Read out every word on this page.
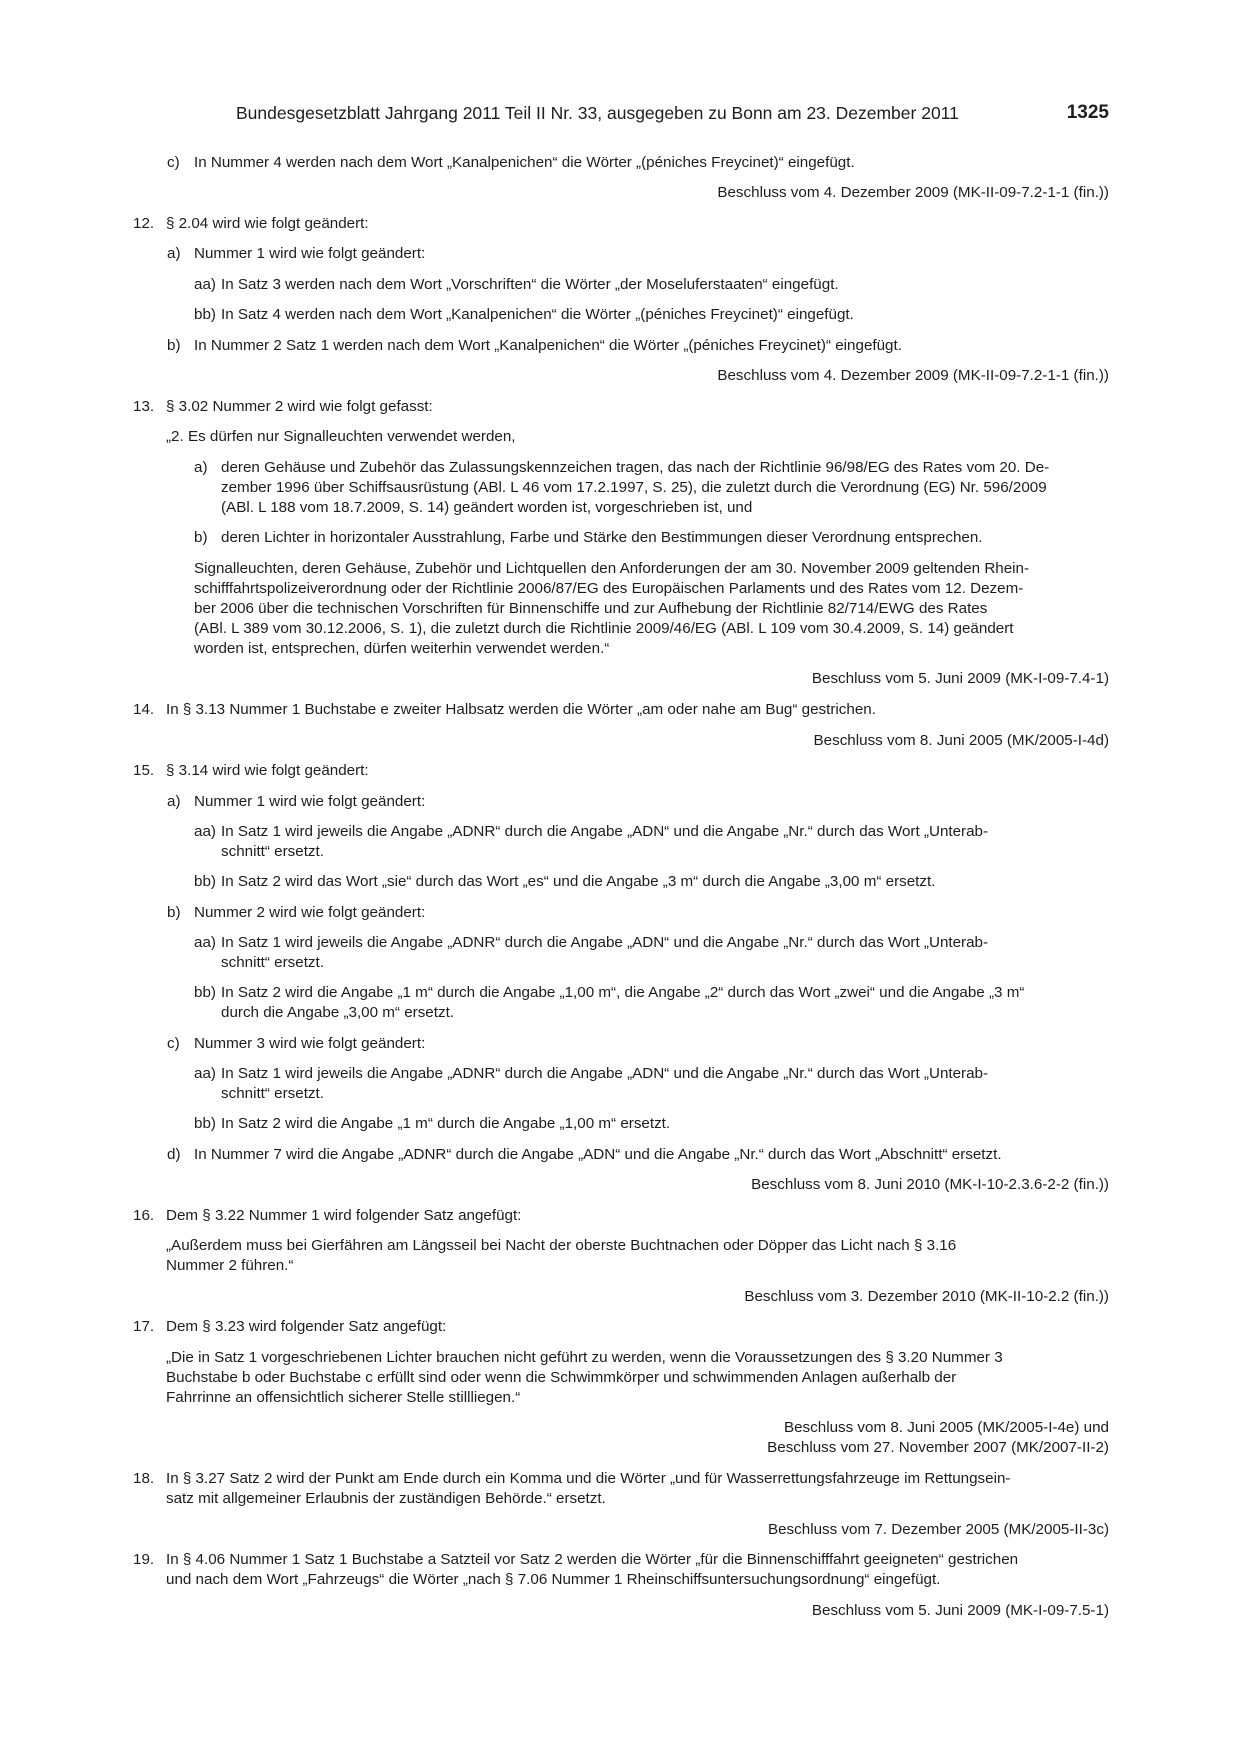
Bundesgesetzblatt Jahrgang 2011 Teil II Nr. 33, ausgegeben zu Bonn am 23. Dezember 2011	1325
c) In Nummer 4 werden nach dem Wort „Kanalpenichen“ die Wörter „(péniches Freycinet)“ eingefügt.
Beschluss vom 4. Dezember 2009 (MK-II-09-7.2-1-1 (fin.))
12. § 2.04 wird wie folgt geändert:
a) Nummer 1 wird wie folgt geändert:
aa) In Satz 3 werden nach dem Wort „Vorschriften“ die Wörter „der Moseluferstaaten“ eingefügt.
bb) In Satz 4 werden nach dem Wort „Kanalpenichen“ die Wörter „(péniches Freycinet)“ eingefügt.
b) In Nummer 2 Satz 1 werden nach dem Wort „Kanalpenichen“ die Wörter „(péniches Freycinet)“ eingefügt.
Beschluss vom 4. Dezember 2009 (MK-II-09-7.2-1-1 (fin.))
13. § 3.02 Nummer 2 wird wie folgt gefasst:
„2. Es dürfen nur Signalleuchten verwendet werden,
a) deren Gehäuse und Zubehör das Zulassungskennzeichen tragen, das nach der Richtlinie 96/98/EG des Rates vom 20. De-
zember 1996 über Schiffsausrüstung (ABl. L 46 vom 17.2.1997, S. 25), die zuletzt durch die Verordnung (EG) Nr. 596/2009
(ABl. L 188 vom 18.7.2009, S. 14) geändert worden ist, vorgeschrieben ist, und
b) deren Lichter in horizontaler Ausstrahlung, Farbe und Stärke den Bestimmungen dieser Verordnung entsprechen.
Signalleuchten, deren Gehäuse, Zubehör und Lichtquellen den Anforderungen der am 30. November 2009 geltenden Rhein-
schifffahrtspolizeiverordnung oder der Richtlinie 2006/87/EG des Europäischen Parlaments und des Rates vom 12. Dezem-
ber 2006 über die technischen Vorschriften für Binnenschiffe und zur Aufhebung der Richtlinie 82/714/EWG des Rates
(ABl. L 389 vom 30.12.2006, S. 1), die zuletzt durch die Richtlinie 2009/46/EG (ABl. L 109 vom 30.4.2009, S. 14) geändert
worden ist, entsprechen, dürfen weiterhin verwendet werden.“
Beschluss vom 5. Juni 2009 (MK-I-09-7.4-1)
14. In § 3.13 Nummer 1 Buchstabe e zweiter Halbsatz werden die Wörter „am oder nahe am Bug“ gestrichen.
Beschluss vom 8. Juni 2005 (MK/2005-I-4d)
15. § 3.14 wird wie folgt geändert:
a) Nummer 1 wird wie folgt geändert:
aa) In Satz 1 wird jeweils die Angabe „ADNR“ durch die Angabe „ADN“ und die Angabe „Nr.“ durch das Wort „Unterab-
schnitt“ ersetzt.
bb) In Satz 2 wird das Wort „sie“ durch das Wort „es“ und die Angabe „3 m“ durch die Angabe „3,00 m“ ersetzt.
b) Nummer 2 wird wie folgt geändert:
aa) In Satz 1 wird jeweils die Angabe „ADNR“ durch die Angabe „ADN“ und die Angabe „Nr.“ durch das Wort „Unterab-
schnitt“ ersetzt.
bb) In Satz 2 wird die Angabe „1 m“ durch die Angabe „1,00 m“, die Angabe „2“ durch das Wort „zwei“ und die Angabe „3 m“
durch die Angabe „3,00 m“ ersetzt.
c) Nummer 3 wird wie folgt geändert:
aa) In Satz 1 wird jeweils die Angabe „ADNR“ durch die Angabe „ADN“ und die Angabe „Nr.“ durch das Wort „Unterab-
schnitt“ ersetzt.
bb) In Satz 2 wird die Angabe „1 m“ durch die Angabe „1,00 m“ ersetzt.
d) In Nummer 7 wird die Angabe „ADNR“ durch die Angabe „ADN“ und die Angabe „Nr.“ durch das Wort „Abschnitt“ ersetzt.
Beschluss vom 8. Juni 2010 (MK-I-10-2.3.6-2-2 (fin.))
16. Dem § 3.22 Nummer 1 wird folgender Satz angefügt:
„Außerdem muss bei Gierfähren am Längsseil bei Nacht der oberste Buchtnachen oder Döpper das Licht nach § 3.16
Nummer 2 führen.“
Beschluss vom 3. Dezember 2010 (MK-II-10-2.2 (fin.))
17. Dem § 3.23 wird folgender Satz angefügt:
„Die in Satz 1 vorgeschriebenen Lichter brauchen nicht geführt zu werden, wenn die Voraussetzungen des § 3.20 Nummer 3
Buchstabe b oder Buchstabe c erfüllt sind oder wenn die Schwimmkörper und schwimmenden Anlagen außerhalb der
Fahrrinne an offensichtlich sicherer Stelle stillliegen.“
Beschluss vom 8. Juni 2005 (MK/2005-I-4e) und
Beschluss vom 27. November 2007 (MK/2007-II-2)
18. In § 3.27 Satz 2 wird der Punkt am Ende durch ein Komma und die Wörter „und für Wasserrettungsfahrzeuge im Rettungsein-
satz mit allgemeiner Erlaubnis der zuständigen Behörde.“ ersetzt.
Beschluss vom 7. Dezember 2005 (MK/2005-II-3c)
19. In § 4.06 Nummer 1 Satz 1 Buchstabe a Satzteil vor Satz 2 werden die Wörter „für die Binnenschifffahrt geeigneten“ gestrichen
und nach dem Wort „Fahrzeugs“ die Wörter „nach § 7.06 Nummer 1 Rheinschiffsuntersuchungsordnung“ eingefügt.
Beschluss vom 5. Juni 2009 (MK-I-09-7.5-1)
